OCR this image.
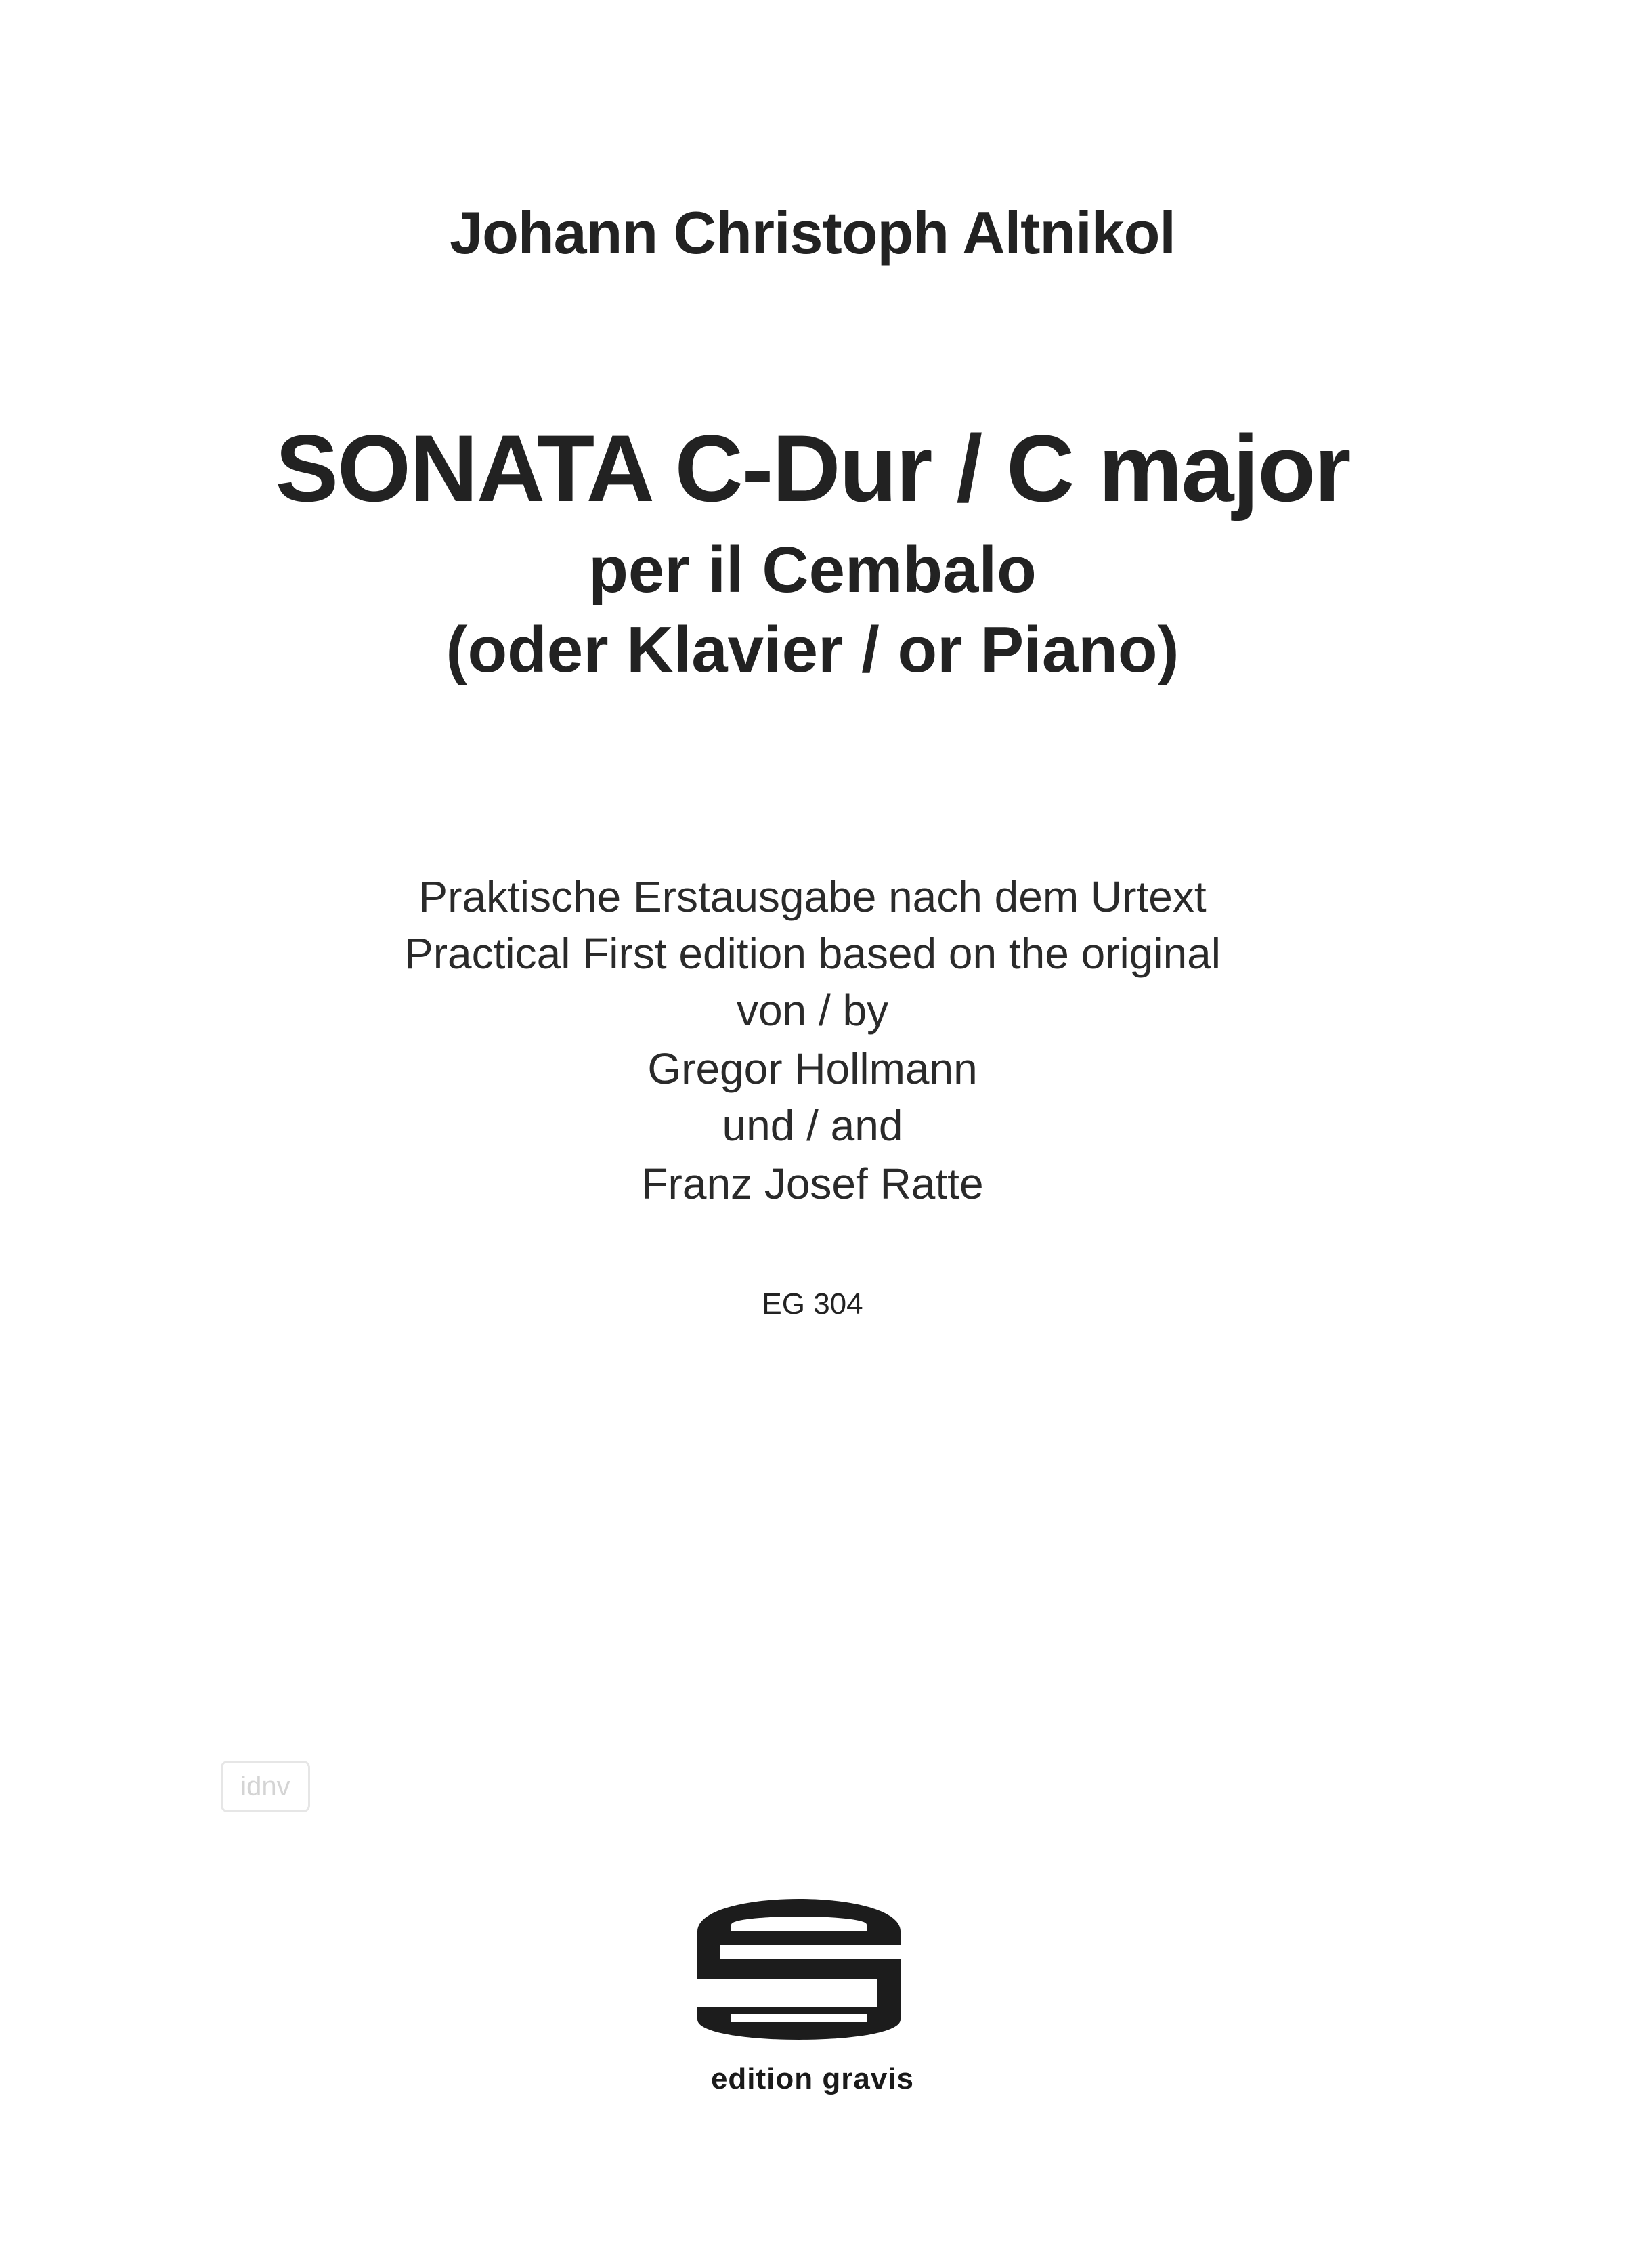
Johann Christoph Altnikol
SONATA C-Dur / C major
per il Cembalo
(oder Klavier / or Piano)
Praktische Erstausgabe nach dem Urtext
Practical First edition based on the original
von / by
Gregor Hollmann
und / and
Franz Josef Ratte
EG 304
idnv
edition gravis
